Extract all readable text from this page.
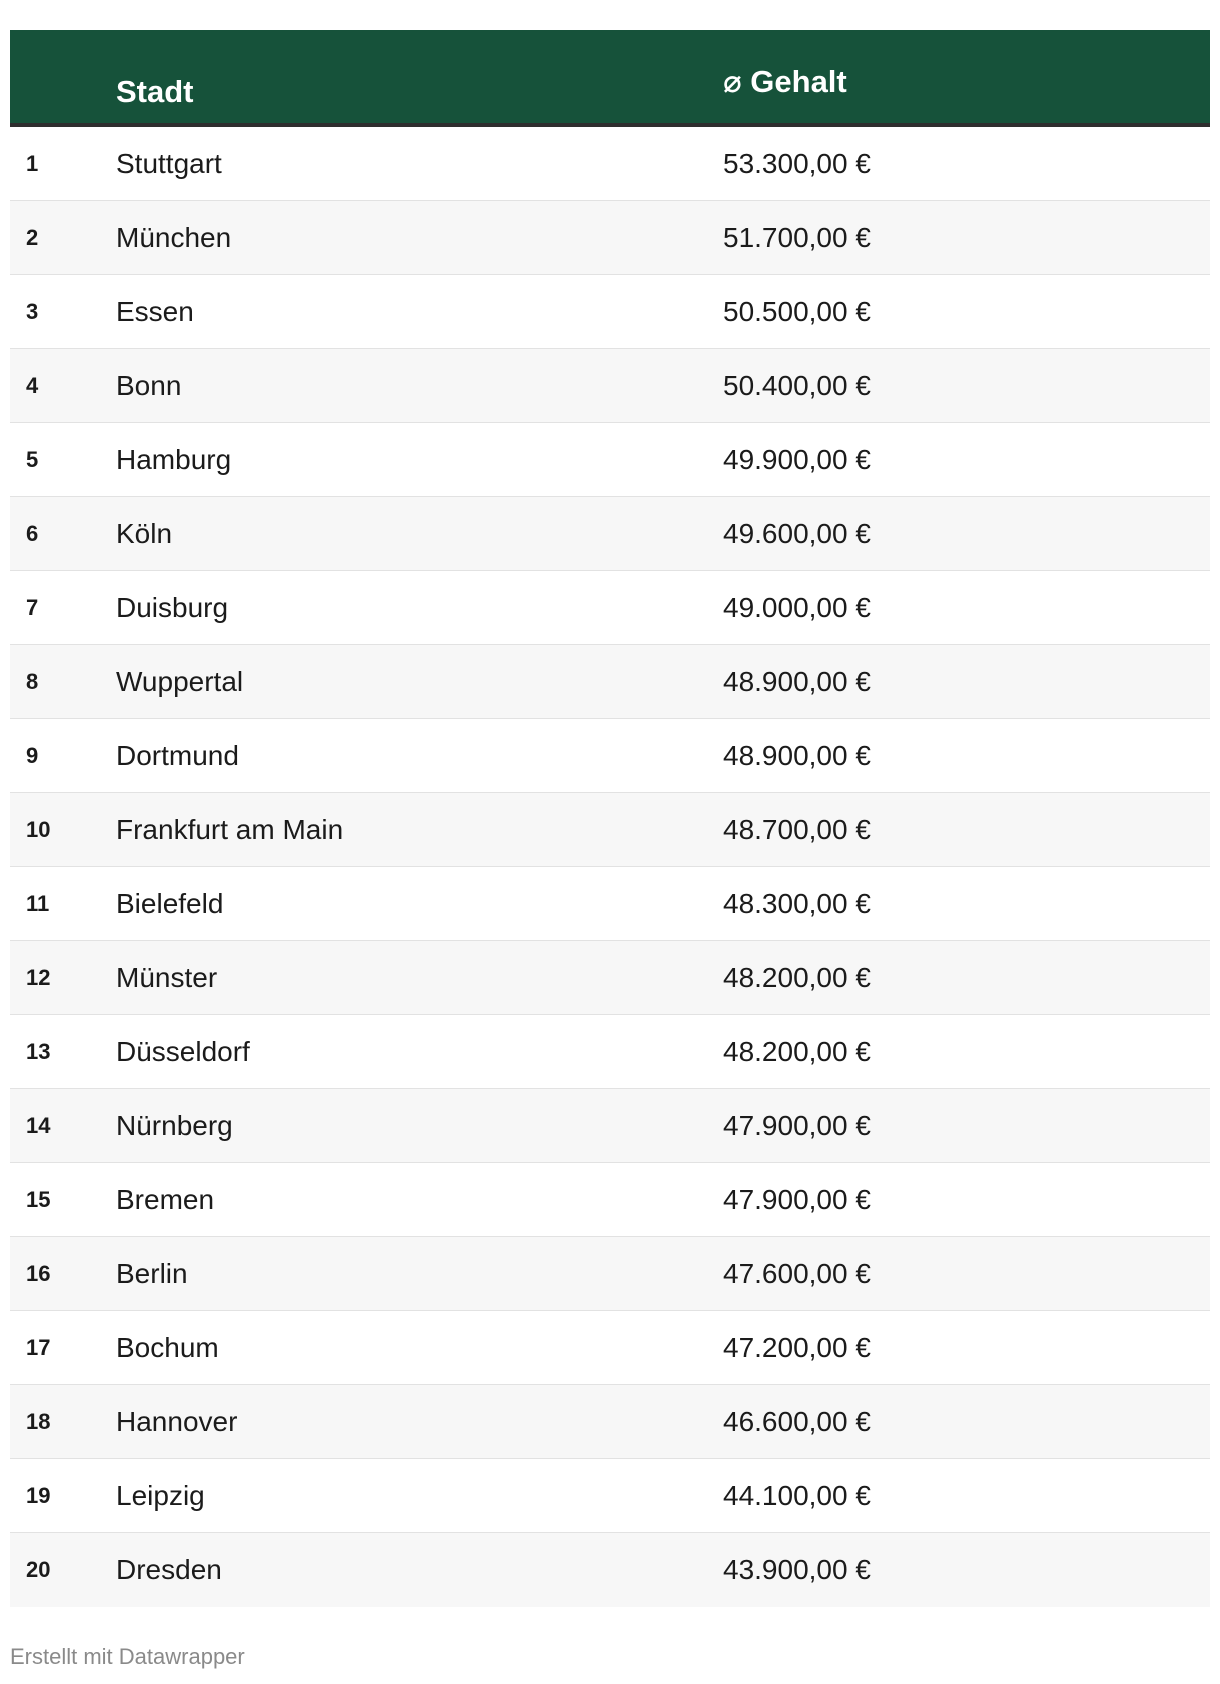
Stadt	⌀ Gehalt
1	Stuttgart	53.300,00 €
2	München	51.700,00 €
3	Essen	50.500,00 €
4	Bonn	50.400,00 €
5	Hamburg	49.900,00 €
6	Köln	49.600,00 €
7	Duisburg	49.000,00 €
8	Wuppertal	48.900,00 €
9	Dortmund	48.900,00 €
10 Frankfurt am Main	48.700,00 €
11 Bielefeld	48.300,00 €
12 Münster	48.200,00 €
13 Düsseldorf	48.200,00 €
14 Nürnberg	47.900,00 €
15 Bremen	47.900,00 €
16 Berlin	47.600,00 €
17 Bochum	47.200,00 €
18 Hannover	46.600,00 €
19 Leipzig	44.100,00 €
20 Dresden	43.900,00 €
Erstellt mit Datawrapper
